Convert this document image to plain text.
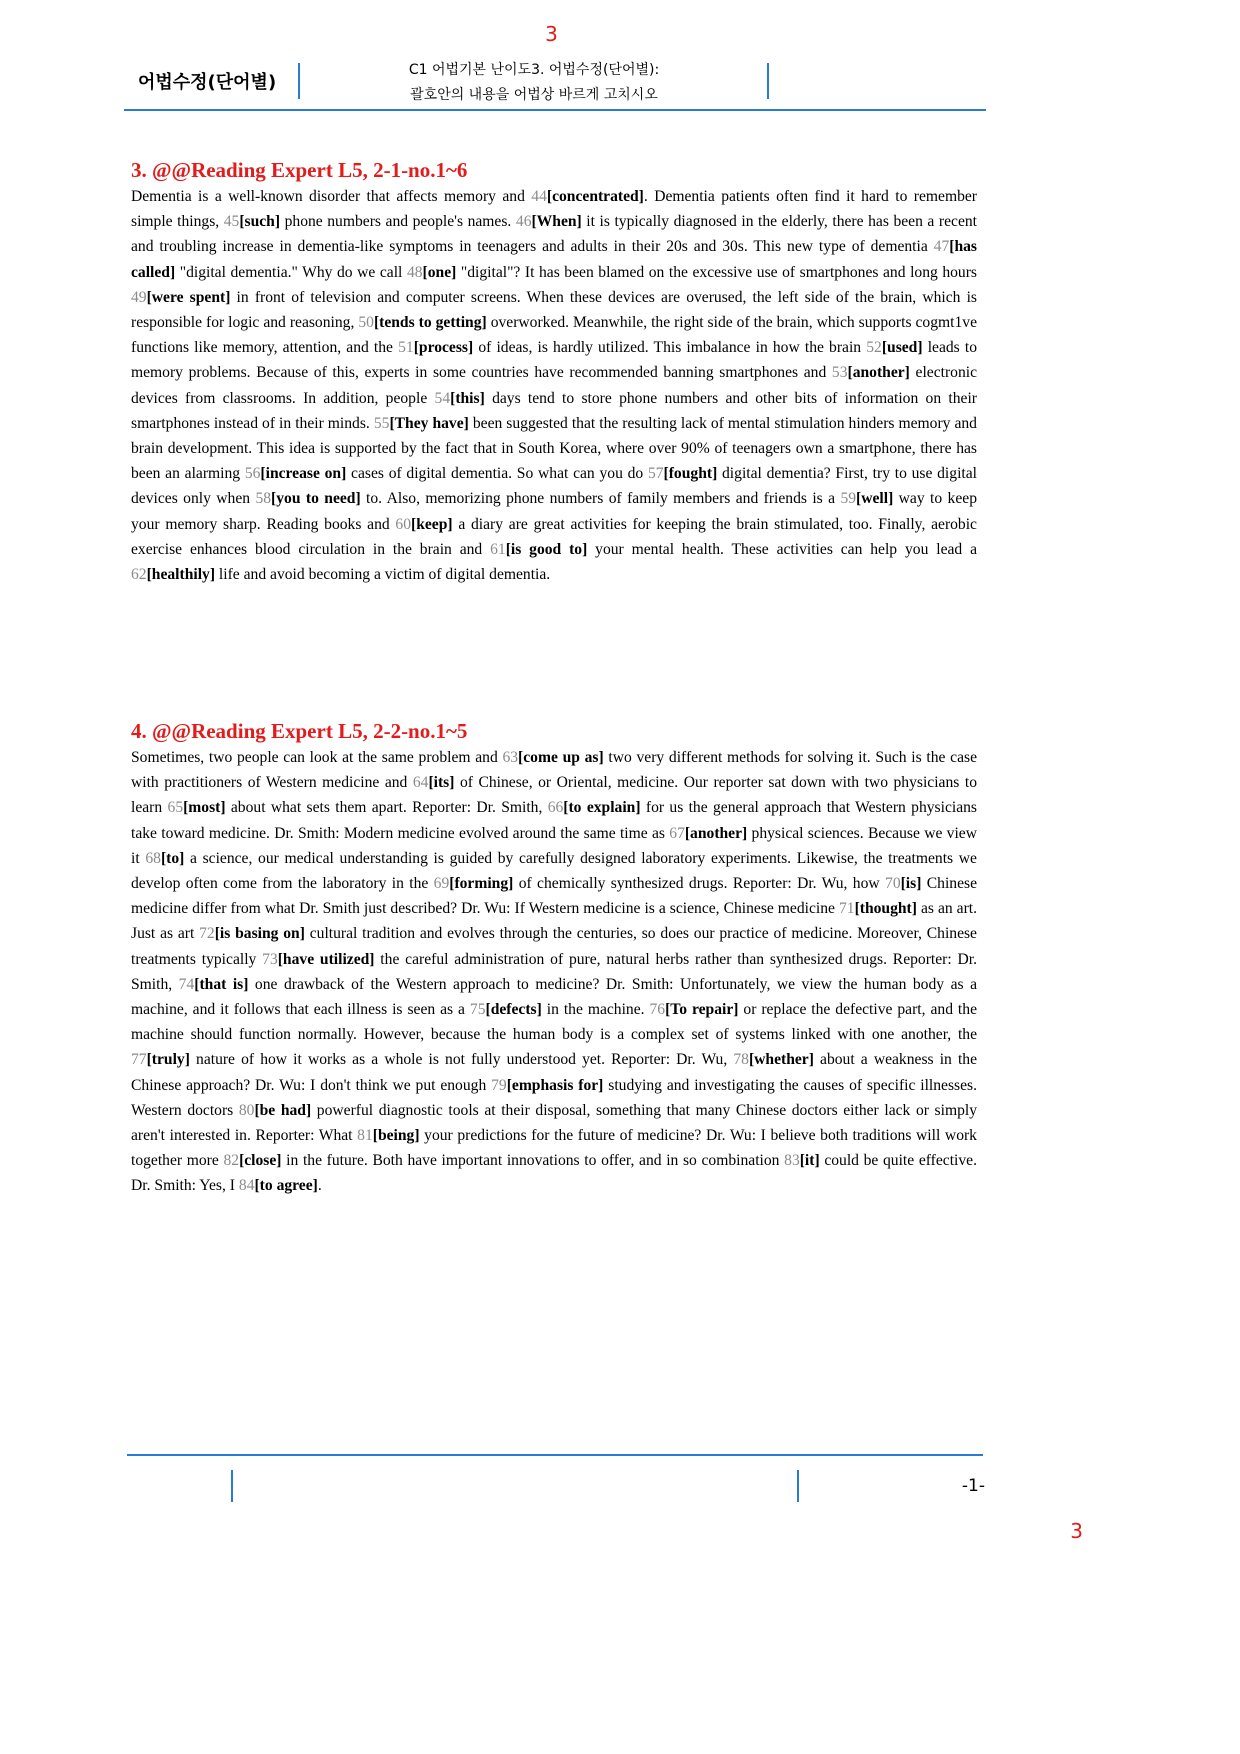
3
어법수정(단어별)
C1 어법기본 난이도3. 어법수정(단어별):
괄호안의 내용을 어법상 바르게 고치시오
3. @@Reading Expert L5, 2-1-no.1~6

Dementia is a well-known disorder that affects memory and 44[concentrated]. Dementia patients often find it hard to remember simple things, 45[such] phone numbers and people's names. 46[When] it is typically diagnosed in the elderly, there has been a recent and troubling increase in dementia-like symptoms in teenagers and adults in their 20s and 30s. This new type of dementia 47[has called] "digital dementia." Why do we call 48[one] "digital"? It has been blamed on the excessive use of smartphones and long hours 49[were spent] in front of television and computer screens. When these devices are overused, the left side of the brain, which is responsible for logic and reasoning, 50[tends to getting] overworked. Meanwhile, the right side of the brain, which supports cogmt1ve functions like memory, attention, and the 51[process] of ideas, is hardly utilized. This imbalance in how the brain 52[used] leads to memory problems. Because of this, experts in some countries have recommended banning smartphones and 53[another] electronic devices from classrooms. In addition, people 54[this] days tend to store phone numbers and other bits of information on their smartphones instead of in their minds. 55[They have] been suggested that the resulting lack of mental stimulation hinders memory and brain development. This idea is supported by the fact that in South Korea, where over 90% of teenagers own a smartphone, there has been an alarming 56[increase on] cases of digital dementia. So what can you do 57[fought] digital dementia? First, try to use digital devices only when 58[you to need] to. Also, memorizing phone numbers of family members and friends is a 59[well] way to keep your memory sharp. Reading books and 60[keep] a diary are great activities for keeping the brain stimulated, too. Finally, aerobic exercise enhances blood circulation in the brain and 61[is good to] your mental health. These activities can help you lead a 62[healthily] life and avoid becoming a victim of digital dementia.

4. @@Reading Expert L5, 2-2-no.1~5

Sometimes, two people can look at the same problem and 63[come up as] two very different methods for solving it. Such is the case with practitioners of Western medicine and 64[its] of Chinese, or Oriental, medicine. Our reporter sat down with two physicians to learn 65[most] about what sets them apart. Reporter: Dr. Smith, 66[to explain] for us the general approach that Western physicians take toward medicine. Dr. Smith: Modern medicine evolved around the same time as 67[another] physical sciences. Because we view it 68[to] a science, our medical understanding is guided by carefully designed laboratory experiments. Likewise, the treatments we develop often come from the laboratory in the 69[forming] of chemically synthesized drugs. Reporter: Dr. Wu, how 70[is] Chinese medicine differ from what Dr. Smith just described? Dr. Wu: If Western medicine is a science, Chinese medicine 71[thought] as an art. Just as art 72[is basing on] cultural tradition and evolves through the centuries, so does our practice of medicine. Moreover, Chinese treatments typically 73[have utilized] the careful administration of pure, natural herbs rather than synthesized drugs. Reporter: Dr. Smith, 74[that is] one drawback of the Western approach to medicine? Dr. Smith: Unfortunately, we view the human body as a machine, and it follows that each illness is seen as a 75[defects] in the machine. 76[To repair] or replace the defective part, and the machine should function normally. However, because the human body is a complex set of systems linked with one another, the 77[truly] nature of how it works as a whole is not fully understood yet. Reporter: Dr. Wu, 78[whether] about a weakness in the Chinese approach? Dr. Wu: I don't think we put enough 79[emphasis for] studying and investigating the causes of specific illnesses. Western doctors 80[be had] powerful diagnostic tools at their disposal, something that many Chinese doctors either lack or simply aren't interested in. Reporter: What 81[being] your predictions for the future of medicine? Dr. Wu: I believe both traditions will work together more 82[close] in the future. Both have important innovations to offer, and in so combination 83[it] could be quite effective. Dr. Smith: Yes, I 84[to agree].

-1-
3
